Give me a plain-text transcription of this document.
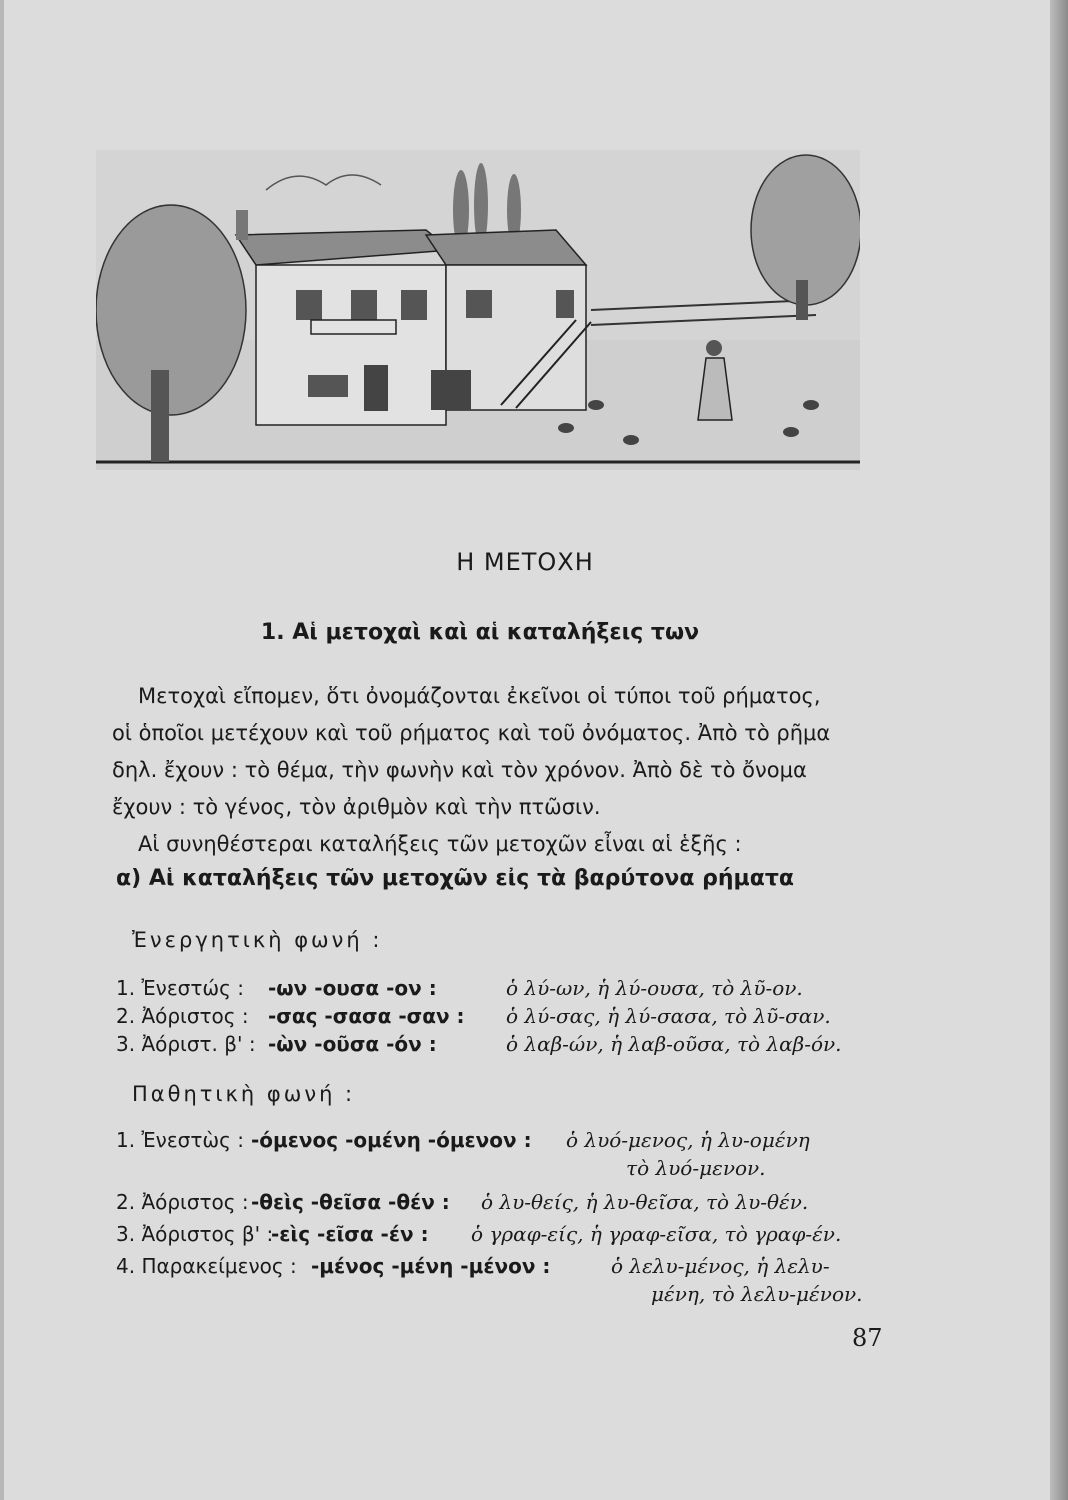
Η ΜΕΤΟΧΗ
1. Αἱ μετοχαὶ καὶ αἱ καταλήξεις των

Μετοχαὶ εἴπομεν, ὅτι ὀνομάζονται ἐκεῖνοι οἱ τύποι τοῦ ρήματος,

οἱ ὁποῖοι μετέχουν καὶ τοῦ ρήματος καὶ τοῦ ὀνόματος. Ἀπὸ τὸ ρῆμα

δηλ. ἔχουν : τὸ θέμα, τὴν φωνὴν καὶ τὸν χρόνον. Ἀπὸ δὲ τὸ ὄνομα

ἔχουν : τὸ γένος, τὸν ἀριθμὸν καὶ τὴν πτῶσιν.

Αἱ συνηθέστεραι καταλήξεις τῶν μετοχῶν εἶναι αἱ ἑξῆς :

α) Αἱ καταλήξεις τῶν μετοχῶν εἰς τὰ βαρύτονα ρήματα
Ἐνεργητικὴ φωνή :
1. Ἐνεστώς : -ων -ουσα -ον :	ὁ λύ-ων, ἡ λύ-ουσα, τὸ λῦ-ον.
2. Ἀόριστος : -σας -σασα -σαν : ὁ λύ-σας, ἡ λύ-σασα, τὸ λῦ-σαν.
3. Ἀόριστ. β' : -ὼν -οῦσα -όν :	ὁ λαβ-ών, ἡ λαβ-οῦσα, τὸ λαβ-όν.
Παθητικὴ φωνή :
1. Ἐνεστὼς : -όμενος -ομένη -όμενον : ὁ λυό-μενος, ἡ λυ-ομένη
τὸ λυό-μενον.
2. Ἀόριστος : -θεὶς -θεῖσα -θέν : ὁ λυ-θείς, ἡ λυ-θεῖσα, τὸ λυ-θέν.
3. Ἀόριστος β' :
-εὶς -εῖσα -έν : ὁ γραφ-είς, ἡ γραφ-εῖσα, τὸ γραφ-έν.
4. Παρακείμενος : -μένος -μένη -μένον :	ὁ λελυ-μένος, ἡ λελυ-
μένη, τὸ λελυ-μένον.
87
